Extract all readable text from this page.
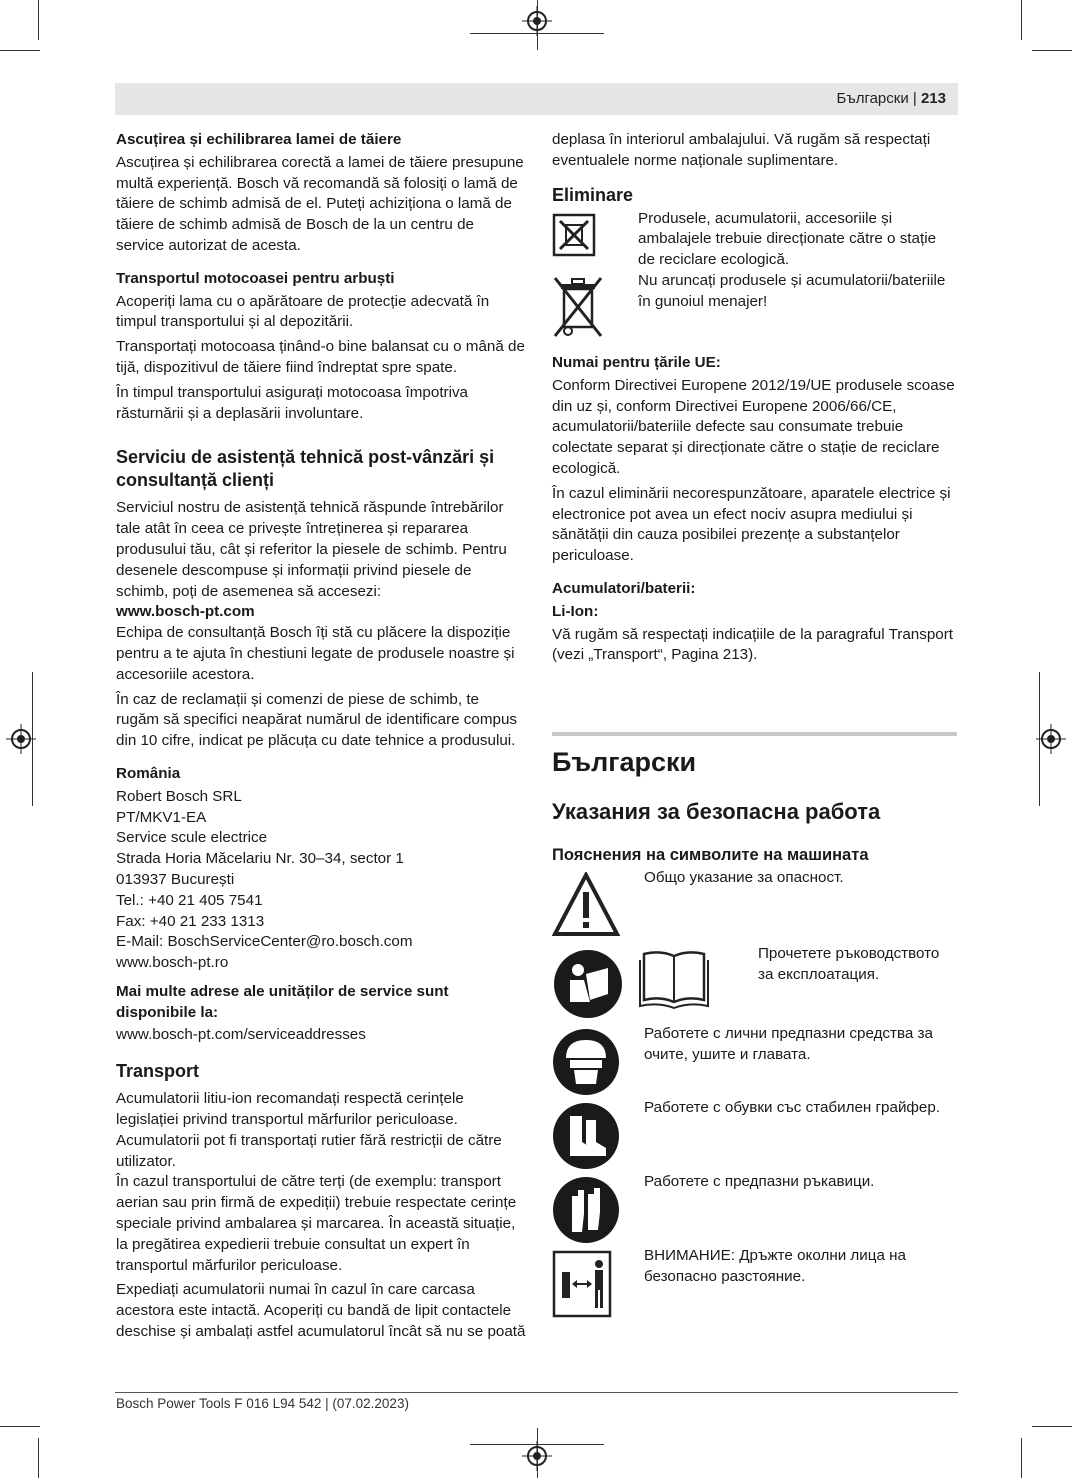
Български | 213
Ascuțirea și echilibrarea lamei de tăiere

Ascuțirea și echilibrarea corectă a lamei de tăiere presupune multă experiență. Bosch vă recomandă să folosiți o lamă de tăiere de schimb admisă de el. Puteți achiziționa o lamă de tăiere de schimb admisă de Bosch de la un centru de service autorizat de acesta.

Transportul motocoasei pentru arbuști

Acoperiți lama cu o apărătoare de protecție adecvată în timpul transportului și al depozitării.

Transportați motocoasa ținând-o bine balansat cu o mână de tijă, dispozitivul de tăiere fiind îndreptat spre spate.

În timpul transportului asigurați motocoasa împotriva răsturnării și a deplasării involuntare.

Serviciu de asistență tehnică post-vânzări și consultanță clienți

Serviciul nostru de asistență tehnică răspunde întrebărilor tale atât în ceea ce privește întreținerea și repararea produsului tău, cât și referitor la piesele de schimb. Pentru desenele descompuse și informații privind piesele de schimb, poți de asemenea să accesezi:

www.bosch-pt.com

Echipa de consultanță Bosch îți stă cu plăcere la dispoziție pentru a te ajuta în chestiuni legate de produsele noastre și accesoriile acestora.

În caz de reclamații și comenzi de piese de schimb, te rugăm să specifici neapărat numărul de identificare compus din 10 cifre, indicat pe plăcuța cu date tehnice a produsului.

România
Robert Bosch SRL
PT/MKV1-EA
Service scule electrice
Strada Horia Măcelariu Nr. 30–34, sector 1
013937 București
Tel.: +40 21 405 7541
Fax: +40 21 233 1313
E-Mail: BoschServiceCenter@ro.bosch.com
www.bosch-pt.ro
Mai multe adrese ale unităților de service sunt disponibile la:

www.bosch-pt.com/serviceaddresses

Transport

Acumulatorii litiu-ion recomandați respectă cerințele legislației privind transportul mărfurilor periculoase. Acumulatorii pot fi transportați rutier fără restricții de către utilizator.

În cazul transportului de către terți (de exemplu: transport aerian sau prin firmă de expediții) trebuie respectate cerințe speciale privind ambalarea și marcarea. În această situație, la pregătirea expedierii trebuie consultat un expert în transportul mărfurilor periculoase.

Expediați acumulatorii numai în cazul în care carcasa acestora este intactă. Acoperiți cu bandă de lipit contactele deschise și ambalați astfel acumulatorul încât să nu se poată

deplasa în interiorul ambalajului. Vă rugăm să respectați eventualele norme naționale suplimentare.

Eliminare

Produsele, acumulatorii, accesoriile și ambalajele trebuie direcționate către o stație de reciclare ecologică.

Nu aruncați produsele și acumulatorii/bateriile în gunoiul menajer!

Numai pentru țările UE:

Conform Directivei Europene 2012/19/UE produsele scoase din uz și, conform Directivei Europene 2006/66/CE, acumulatorii/bateriile defecte sau consumate trebuie colectate separat și direcționate către o stație de reciclare ecologică.

În cazul eliminării necorespunzătoare, aparatele electrice și electronice pot avea un efect nociv asupra mediului și sănătății din cauza posibilei prezențe a substanțelor periculoase.

Acumulatori/baterii:
Li-Ion:

Vă rugăm să respectați indicațiile de la paragraful Transport (vezi „Transport“, Pagina 213).

Български
Указания за безопасна работа
Пояснения на символите на машината

Общо указание за опасност.

Прочетете ръководството за експлоатация.

Работете с лични предпазни средства за очите, ушите и главата.

Работете с обувки със стабилен грайфер.

Работете с предпазни ръкавици.

ВНИМАНИЕ: Дръжте околни лица на безопасно разстояние.

Bosch Power Tools F 016 L94 542 | (07.02.2023)
